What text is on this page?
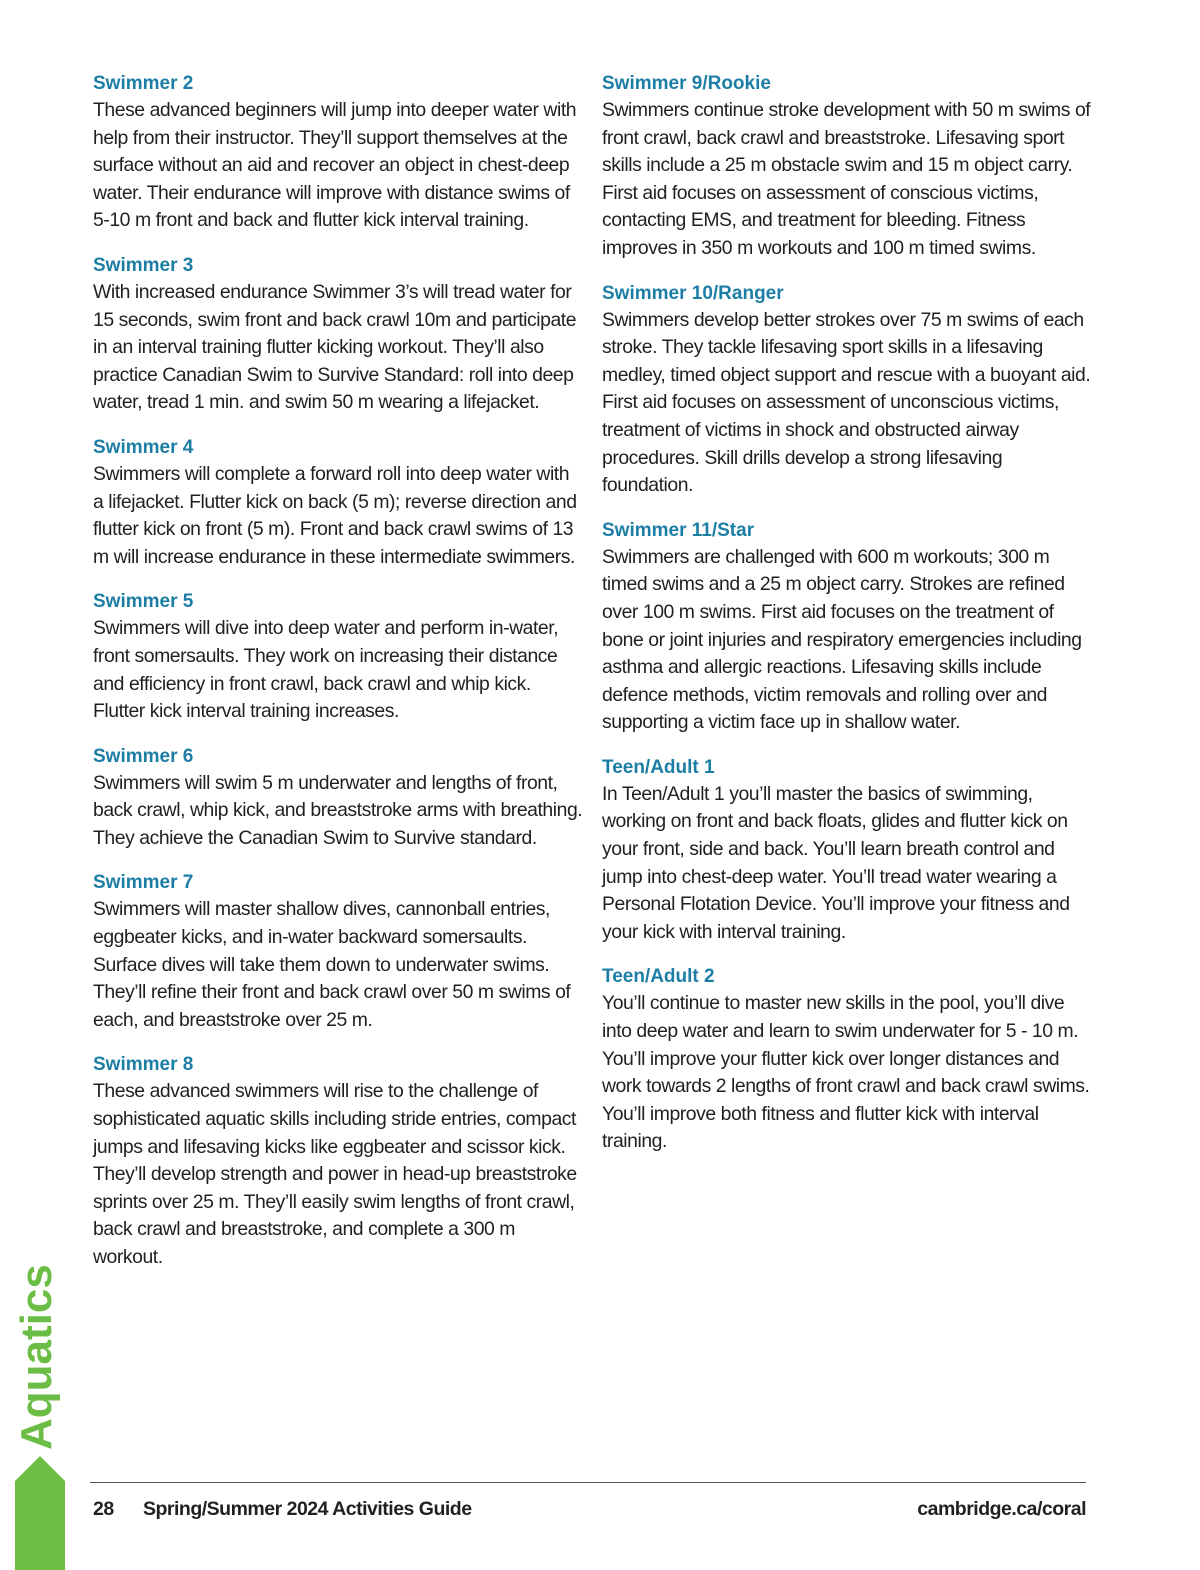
Aquatics
Swimmer 2

These advanced beginners will jump into deeper water with help from their instructor. They’ll support themselves at the surface without an aid and recover an object in chest-deep water. Their endurance will improve with distance swims of 5-10 m front and back and flutter kick interval training.

Swimmer 3

With increased endurance Swimmer 3’s will tread water for 15 seconds, swim front and back crawl 10m and participate in an interval training flutter kicking workout. They’ll also practice Canadian Swim to Survive Standard: roll into deep water, tread 1 min. and swim 50 m wearing a lifejacket.

Swimmer 4

Swimmers will complete a forward roll into deep water with a lifejacket. Flutter kick on back (5 m); reverse direction and flutter kick on front (5 m). Front and back crawl swims of 13 m will increase endurance in these intermediate swimmers.

Swimmer 5

Swimmers will dive into deep water and perform in-water, front somersaults. They work on increasing their distance and efficiency in front crawl, back crawl and whip kick. Flutter kick interval training increases.

Swimmer 6

Swimmers will swim 5 m underwater and lengths of front, back crawl, whip kick, and breaststroke arms with breathing. They achieve the Canadian Swim to Survive standard.

Swimmer 7

Swimmers will master shallow dives, cannonball entries, eggbeater kicks, and in-water backward somersaults. Surface dives will take them down to underwater swims. They’ll refine their front and back crawl over 50 m swims of each, and breaststroke over 25 m.

Swimmer 8

These advanced swimmers will rise to the challenge of sophisticated aquatic skills including stride entries, compact jumps and lifesaving kicks like eggbeater and scissor kick. They’ll develop strength and power in head-up breaststroke sprints over 25 m. They’ll easily swim lengths of front crawl, back crawl and breaststroke, and complete a 300 m workout.

Swimmer 9/Rookie

Swimmers continue stroke development with 50 m swims of front crawl, back crawl and breaststroke. Lifesaving sport skills include a 25 m obstacle swim and 15 m object carry. First aid focuses on assessment of conscious victims, contacting EMS, and treatment for bleeding. Fitness improves in 350 m workouts and 100 m timed swims.

Swimmer 10/Ranger

Swimmers develop better strokes over 75 m swims of each stroke. They tackle lifesaving sport skills in a lifesaving medley, timed object support and rescue with a buoyant aid. First aid focuses on assessment of unconscious victims, treatment of victims in shock and obstructed airway procedures. Skill drills develop a strong lifesaving foundation.

Swimmer 11/Star

Swimmers are challenged with 600 m workouts; 300 m timed swims and a 25 m object carry. Strokes are refined over 100 m swims. First aid focuses on the treatment of bone or joint injuries and respiratory emergencies including asthma and allergic reactions. Lifesaving skills include defence methods, victim removals and rolling over and supporting a victim face up in shallow water.

Teen/Adult 1

In Teen/Adult 1 you’ll master the basics of swimming, working on front and back floats, glides and flutter kick on your front, side and back. You’ll learn breath control and jump into chest-deep water. You’ll tread water wearing a Personal Flotation Device. You’ll improve your fitness and your kick with interval training.

Teen/Adult 2

You’ll continue to master new skills in the pool, you’ll dive into deep water and learn to swim underwater for 5 - 10 m. You’ll improve your flutter kick over longer distances and work towards 2 lengths of front crawl and back crawl swims. You’ll improve both fitness and flutter kick with interval training.

28 Spring/Summer 2024 Activities Guide	cambridge.ca/coral
